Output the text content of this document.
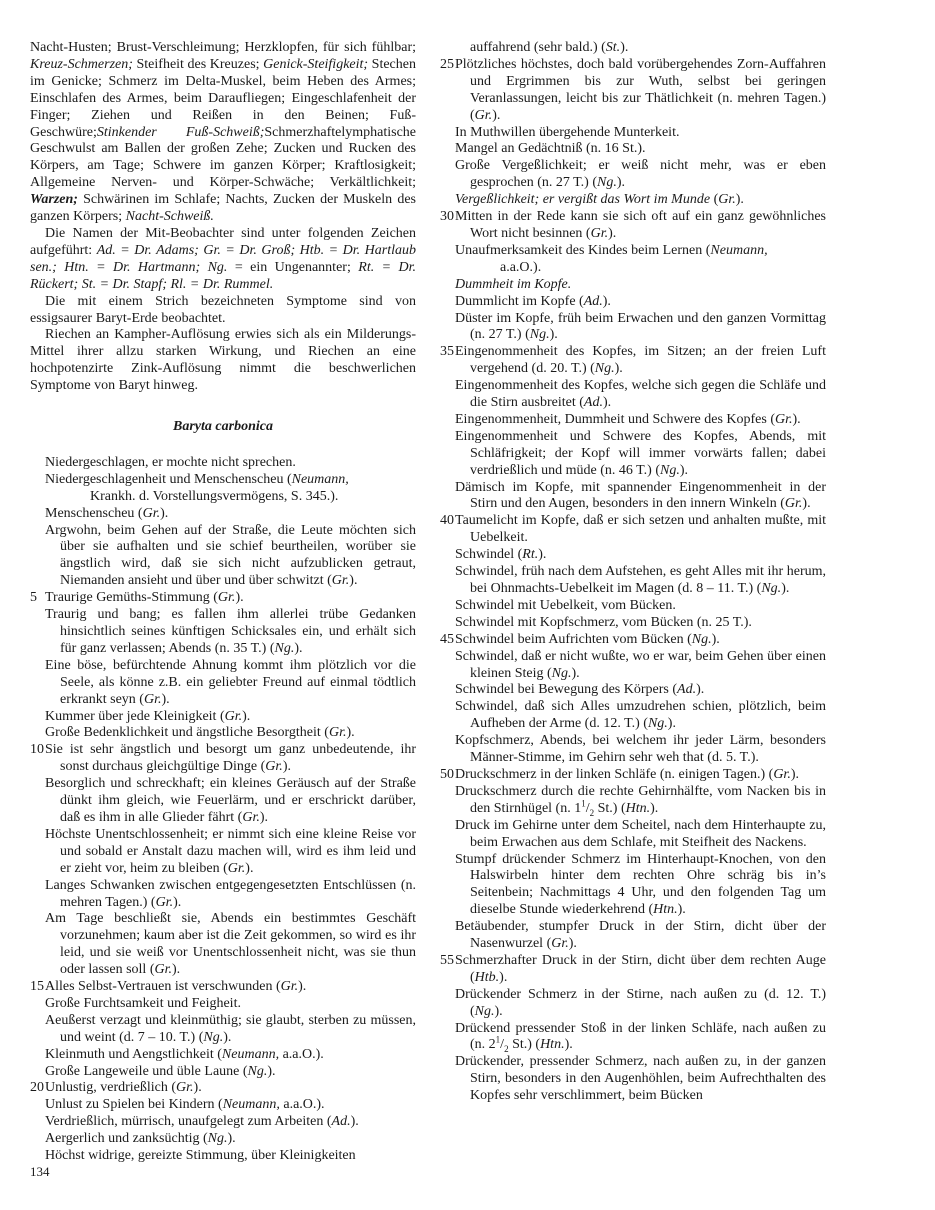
Nacht-Husten; Brust-Verschleimung; Herzklopfen, für sich fühlbar; Kreuz-Schmerzen; Steifheit des Kreuzes; Genick-Steifigkeit; Stechen im Genicke; Schmerz im Delta-Muskel, beim Heben des Armes; Einschlafen des Armes, beim Daraufliegen; Eingeschlafenheit der Finger; Ziehen und Reißen in den Beinen; Fuß-Geschwüre;Stinkender Fuß-Schweiß;Schmerzhaftelymphatische Geschwulst am Ballen der großen Zehe; Zucken und Rucken des Körpers, am Tage; Schwere im ganzen Körper; Kraftlosigkeit; Allgemeine Nerven- und Körper-Schwäche; Verkältlichkeit; Warzen; Schwärinen im Schlafe; Nachts, Zucken der Muskeln des ganzen Körpers; Nacht-Schweiß.

Die Namen der Mit-Beobachter sind unter folgenden Zeichen aufgeführt: Ad. = Dr. Adams; Gr. = Dr. Groß; Htb. = Dr. Hartlaub sen.; Htn. = Dr. Hartmann; Ng. = ein Ungenannter; Rt. = Dr. Rückert; St. = Dr. Stapf; Rl. = Dr. Rummel.

Die mit einem Strich bezeichneten Symptome sind von essigsaurer Baryt-Erde beobachtet.

Riechen an Kampher-Auflösung erwies sich als ein Milderungs-Mittel ihrer allzu starken Wirkung, und Riechen an eine hochpotenzirte Zink-Auflösung nimmt die beschwerlichen Symptome von Baryt hinweg.

Baryta carbonica

Niedergeschlagen, er mochte nicht sprechen.

Niedergeschlagenheit und Menschenscheu (Neumann,
Krankh. d. Vorstellungsvermögens, S. 345.).

Menschenscheu (Gr.).

Argwohn, beim Gehen auf der Straße, die Leute möchten sich über sie aufhalten und sie schief beurtheilen, worüber sie ängstlich wird, daß sie sich nicht aufzublicken getraut, Niemanden ansieht und über und über schwitzt (Gr.).

5 Traurige Gemüths-Stimmung (Gr.).

Traurig und bang; es fallen ihm allerlei trübe Gedanken hinsichtlich seines künftigen Schicksales ein, und erhält sich für ganz verlassen; Abends (n. 35 T.) (Ng.).

Eine böse, befürchtende Ahnung kommt ihm plötzlich vor die Seele, als könne z.B. ein geliebter Freund auf einmal tödtlich erkrankt seyn (Gr.).

Kummer über jede Kleinigkeit (Gr.).

Große Bedenklichkeit und ängstliche Besorgtheit (Gr.).

10Sie ist sehr ängstlich und besorgt um ganz unbedeutende, ihr sonst durchaus gleichgültige Dinge (Gr.).

Besorglich und schreckhaft; ein kleines Geräusch auf der Straße dünkt ihm gleich, wie Feuerlärm, und er erschrickt darüber, daß es ihm in alle Glieder fährt (Gr.).

Höchste Unentschlossenheit; er nimmt sich eine kleine Reise vor und sobald er Anstalt dazu machen will, wird es ihm leid und er zieht vor, heim zu bleiben (Gr.).

Langes Schwanken zwischen entgegengesetzten Entschlüssen (n. mehren Tagen.) (Gr.).

Am Tage beschließt sie, Abends ein bestimmtes Geschäft vorzunehmen; kaum aber ist die Zeit gekommen, so wird es ihr leid, und sie weiß vor Unentschlossenheit nicht, was sie thun oder lassen soll (Gr.).

15Alles Selbst-Vertrauen ist verschwunden (Gr.).

Große Furchtsamkeit und Feigheit.

Aeußerst verzagt und kleinmüthig; sie glaubt, sterben zu müssen, und weint (d. 7 – 10. T.) (Ng.).

Kleinmuth und Aengstlichkeit (Neumann, a.a.O.).

Große Langeweile und üble Laune (Ng.).

20Unlustig, verdrießlich (Gr.).

Unlust zu Spielen bei Kindern (Neumann, a.a.O.).

Verdrießlich, mürrisch, unaufgelegt zum Arbeiten (Ad.).

Aergerlich und zanksüchtig (Ng.).

Höchst widrige, gereizte Stimmung, über Kleinigkeiten

auffahrend (sehr bald.) (St.).

25Plötzliches höchstes, doch bald vorübergehendes Zorn-Auffahren und Ergrimmen bis zur Wuth, selbst bei geringen Veranlassungen, leicht bis zur Thätlichkeit (n. mehren Tagen.) (Gr.).

In Muthwillen übergehende Munterkeit.

Mangel an Gedächtniß (n. 16 St.).

Große Vergeßlichkeit; er weiß nicht mehr, was er eben gesprochen (n. 27 T.) (Ng.).

Vergeßlichkeit; er vergißt das Wort im Munde (Gr.).

30Mitten in der Rede kann sie sich oft auf ein ganz gewöhnliches Wort nicht besinnen (Gr.).

Unaufmerksamkeit des Kindes beim Lernen (Neumann,
a.a.O.).

Dummheit im Kopfe.

Dummlicht im Kopfe (Ad.).

Düster im Kopfe, früh beim Erwachen und den ganzen Vormittag (n. 27 T.) (Ng.).

35Eingenommenheit des Kopfes, im Sitzen; an der freien Luft vergehend (d. 20. T.) (Ng.).

Eingenommenheit des Kopfes, welche sich gegen die Schläfe und die Stirn ausbreitet (Ad.).

Eingenommenheit, Dummheit und Schwere des Kopfes (Gr.).

Eingenommenheit und Schwere des Kopfes, Abends, mit Schläfrigkeit; der Kopf will immer vorwärts fallen; dabei verdrießlich und müde (n. 46 T.) (Ng.).

Dämisch im Kopfe, mit spannender Eingenommenheit in der Stirn und den Augen, besonders in den innern Winkeln (Gr.).

40Taumelicht im Kopfe, daß er sich setzen und anhalten mußte, mit Uebelkeit.

Schwindel (Rt.).

Schwindel, früh nach dem Aufstehen, es geht Alles mit ihr herum, bei Ohnmachts-Uebelkeit im Magen (d. 8 – 11. T.) (Ng.).

Schwindel mit Uebelkeit, vom Bücken.

Schwindel mit Kopfschmerz, vom Bücken (n. 25 T.).

45Schwindel beim Aufrichten vom Bücken (Ng.).

Schwindel, daß er nicht wußte, wo er war, beim Gehen über einen kleinen Steig (Ng.).

Schwindel bei Bewegung des Körpers (Ad.).

Schwindel, daß sich Alles umzudrehen schien, plötzlich, beim Aufheben der Arme (d. 12. T.) (Ng.).

Kopfschmerz, Abends, bei welchem ihr jeder Lärm, besonders Männer-Stimme, im Gehirn sehr weh that (d. 5. T.).

50Druckschmerz in der linken Schläfe (n. einigen Tagen.) (Gr.).

Druckschmerz durch die rechte Gehirnhälfte, vom Nacken bis in den Stirnhügel (n. $1^1/_2$ St.) (Htn.).

Druck im Gehirne unter dem Scheitel, nach dem Hinterhaupte zu, beim Erwachen aus dem Schlafe, mit Steifheit des Nackens.

Stumpf drückender Schmerz im Hinterhaupt-Knochen, von den Halswirbeln hinter dem rechten Ohre schräg bis in’s Seitenbein; Nachmittags 4 Uhr, und den folgenden Tag um dieselbe Stunde wiederkehrend (Htn.).

Betäubender, stumpfer Druck in der Stirn, dicht über der Nasenwurzel (Gr.).

55Schmerzhafter Druck in der Stirn, dicht über dem rechten Auge (Htb.).

Drückender Schmerz in der Stirne, nach außen zu (d. 12. T.) (Ng.).

Drückend pressender Stoß in der linken Schläfe, nach außen zu (n. $2^1/_2$ St.) (Htn.).

Drückender, pressender Schmerz, nach außen zu, in der ganzen Stirn, besonders in den Augenhöhlen, beim Aufrechthalten des Kopfes sehr verschlimmert, beim Bücken

134
